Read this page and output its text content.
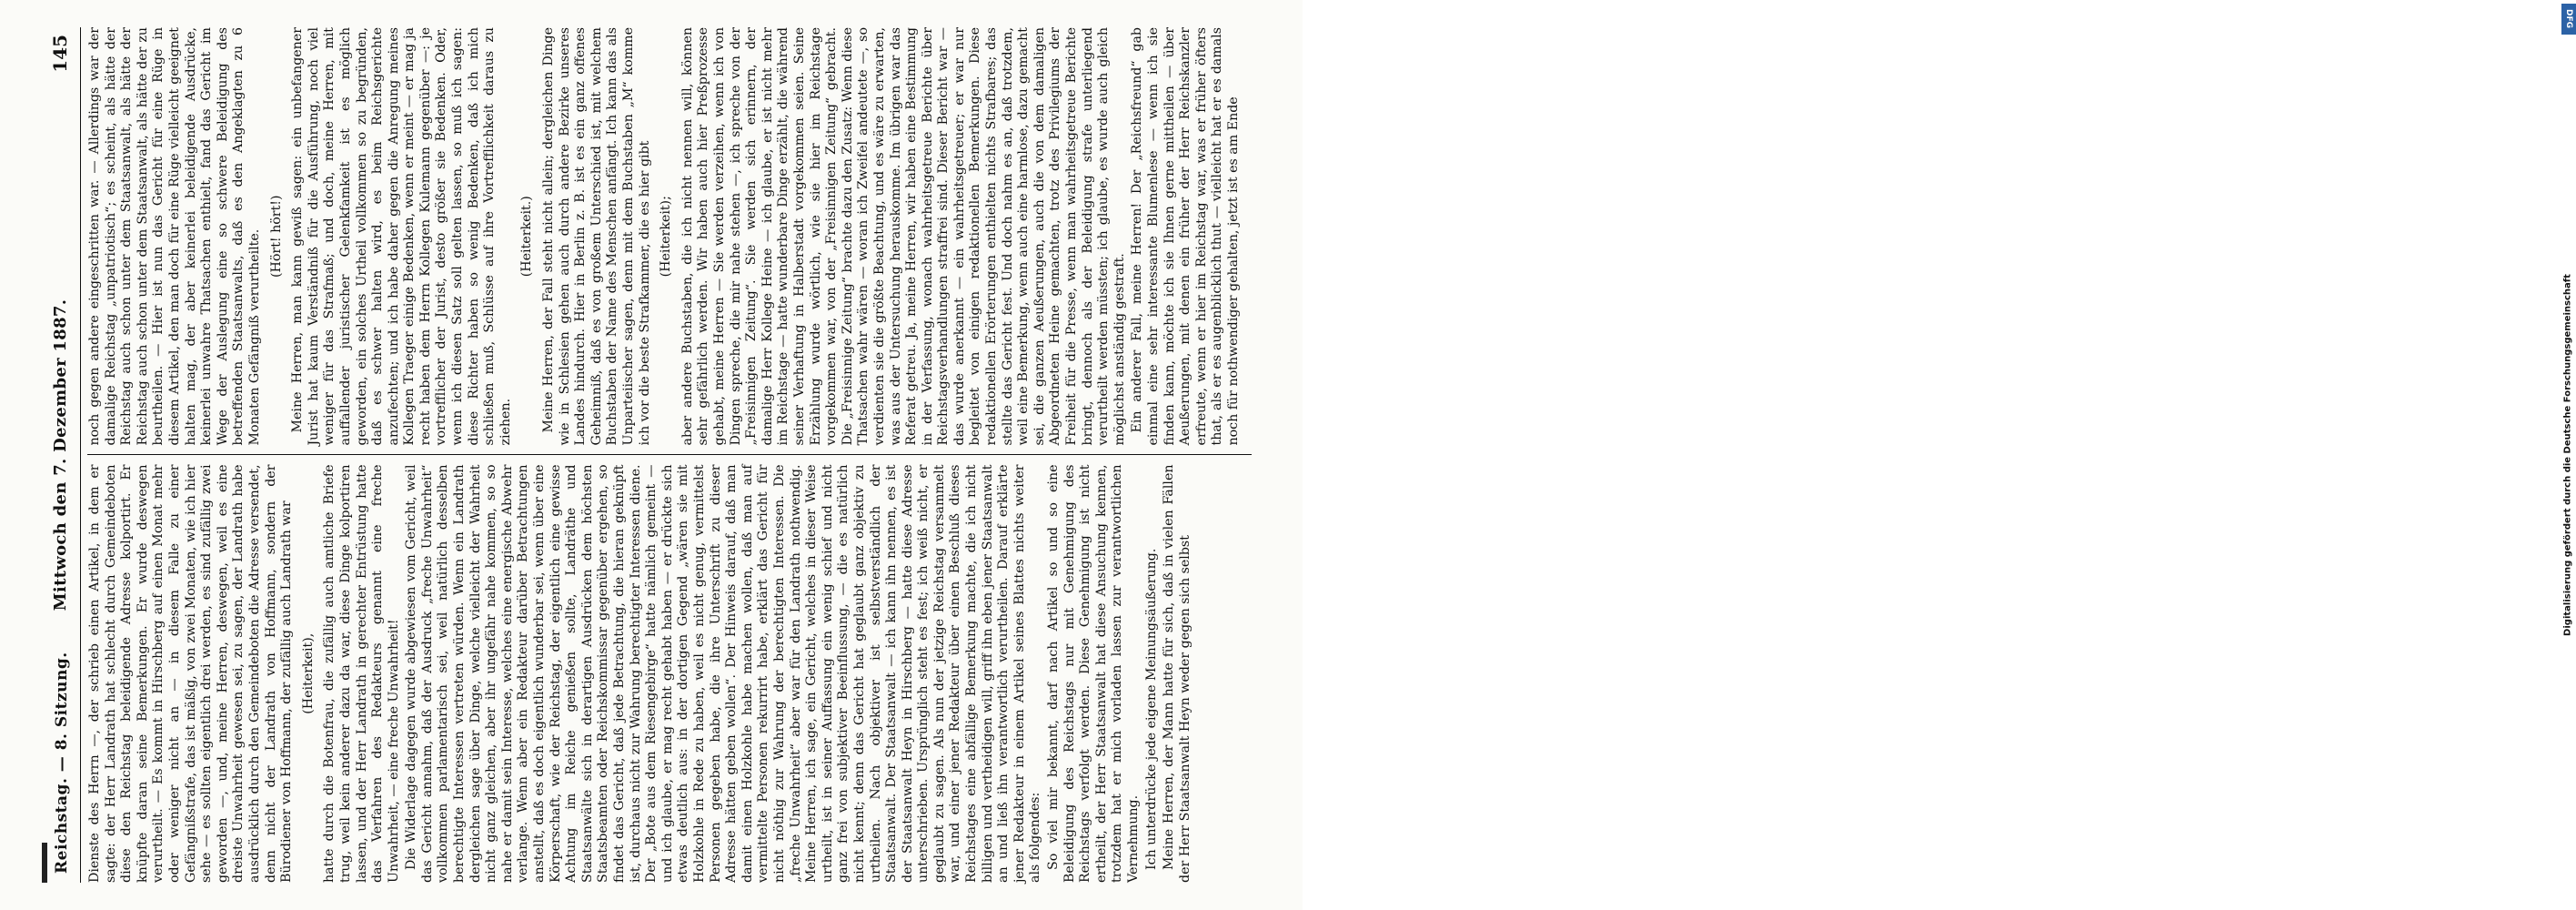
Reichstag. — 8. Sitzung.
Mittwoch den 7. Dezember 1887.
145

Dienste des Herrn —, der schrieb einen Artikel, in dem er sagte: der Herr Landrath hat schlecht durch Gemeindeboten diese den Reichstag beleidigende Adresse kolportirt. Er knüpfte daran seine Bemerkungen. Er wurde deswegen verurtheilt. — Es kommt in Hirschberg auf einen Monat mehr oder weniger nicht an — in diesem Falle zu einer Gefängnißstrafe, das ist mäßig, von zwei Monaten, wie ich hier sehe — es sollten eigentlich drei werden, es sind zufällig zwei geworden —, und, meine Herren, deswegen, weil es eine dreiste Unwahrheit gewesen sei, zu sagen, der Landrath habe ausdrücklich durch den Gemeindeboten die Adresse versendet, denn nicht der Landrath von Hoffmann, sondern der Bürodiener von Hoffmann, der zufällig auch Landrath war (Heiterkeit), hatte durch die Botenfrau, die zufällig auch amtliche Briefe trug, weil kein anderer dazu da war, diese Dinge kolportiren lassen, und der Herr Landrath in gerechter Entrüstung hatte das Verfahren des Redakteurs genannt eine freche Unwahrheit, — eine freche Unwahrheit! Die Widerlage dagegen wurde abgewiesen vom Gericht, weil das Gericht annahm, daß der Ausdruck „freche Unwahrheit“ vollkommen parlamentarisch sei, weil natürlich desselben berechtigte Interessen vertreten würden. Wenn ein Landrath dergleichen sage über Dinge, welche vielleicht der Wahrheit nicht ganz gleichen, aber ihr ungefähr nahe kommen, so so nahe er damit sein Interesse, welches eine energische Abwehr verlange. Wenn aber ein Redakteur darüber Betrachtungen anstellt, daß es doch eigentlich wunderbar sei, wenn über eine Körperschaft, wie der Reichstag, der eigentlich eine gewisse Achtung im Reiche genießen sollte, Landräthe und Staatsanwälte sich in derartigen Ausdrücken dem höchsten Staatsbeamten oder Reichskommissar gegenüber ergehen, so findet das Gericht, daß jede Betrachtung, die hieran geknüpft ist, durchaus nicht zur Wahrung berechtigter Interessen diene. Der „Bote aus dem Riesengebirge“ hatte nämlich gemeint — und ich glaube, er mag recht gehabt haben — er drückte sich etwas deutlich aus: in der dortigen Gegend „wären sie mit Holzkohle in Rede zu haben, weil es nicht genug, vermittelst Personen gegeben habe, die ihre Unterschrift zu dieser Adresse hätten geben wollen“. Der Hinweis darauf, daß man damit einen Holzkohle habe machen wollen, daß man auf vermittelte Personen rekurrirt habe, erklärt das Gericht für nicht nöthig zur Wahrung der berechtigten Interessen. Die „freche Unwahrheit“ aber war für den Landrath nothwendig. Meine Herren, ich sage, ein Gericht, welches in dieser Weise urtheilt, ist in seiner Auffassung ein wenig schief und nicht ganz frei von subjektiver Beeinflussung, — die es natürlich nicht kennt; denn das Gericht hat geglaubt ganz objektiv zu urtheilen. Nach objektiver ist selbstverständlich der Staatsanwalt. Der Staatsanwalt — ich kann ihn nennen, es ist der Staatsanwalt Heyn in Hirschberg — hatte diese Adresse unterschrieben. Ursprünglich steht es fest; ich weiß nicht, er geglaubt zu sagen. Als nun der jetzige Reichstag versammelt war, und einer jener Redakteur über einen Beschluß dieses Reichstages eine abfällige Bemerkung machte, die ich nicht billigen und vertheidigen will, griff ihn eben jener Staatsanwalt an und ließ ihn verantwortlich verurtheilen. Darauf erklärte jener Redakteur in einem Artikel seines Blattes nichts weiter als folgendes: So viel mir bekannt, darf nach Artikel so und so eine Beleidigung des Reichstags nur mit Genehmigung des Reichstags verfolgt werden. Diese Genehmigung ist nicht ertheilt, der Herr Staatsanwalt hat diese Ansuchung kennen, trotzdem hat er mich vorladen lassen zur verantwortlichen Vernehmung. Ich unterdrücke jede eigene Meinungsäußerung. Meine Herren, der Mann hatte für sich, daß in vielen Fällen der Herr Staatsanwalt Heyn weder gegen sich selbst

noch gegen andere eingeschritten war. — Allerdings war der damalige Reichstag „unpatriotisch“; es scheint, als hätte der Reichstag auch schon unter dem Staatsanwalt, als hätte der Reichstag auch schon unter dem Staatsanwalt, als hätte der zu beurtheilen. — Hier ist nun das Gericht für eine Rüge in diesem Artikel, den man doch für eine Rüge vielleicht geeignet halten mag, der aber keinerlei beleidigende Ausdrücke, keinerlei unwahre Thatsachen enthielt, fand das Gericht im Wege der Auslegung eine so schwere Beleidigung des betreffenden Staatsanwalts, daß es den Angeklagten zu 6 Monaten Gefängniß verurtheilte. (Hört! hört!) Meine Herren, man kann gewiß sagen: ein unbefangener Jurist hat kaum Verständniß für die Ausführung, noch viel weniger für das Strafmaß; und doch, meine Herren, mit auffallender juristischer Gelenkfamkeit ist es möglich geworden, ein solches Urtheil vollkommen so zu begründen, daß es schwer halten wird, es beim Reichsgerichte anzufechten; und ich habe daher gegen die Anregung meines Kollegen Traeger einige Bedenken, wenn er meint — er mag ja recht haben dem Herrn Kollegen Kulemann gegenüber —: je vortrefflicher der Jurist, desto größer sie Bedenken. Oder, wenn ich diesen Satz soll gelten lassen, so muß ich sagen: diese Richter haben so wenig Bedenken, daß ich mich schließen muß, Schlüsse auf ihre Vortrefflichkeit daraus zu ziehen.

(Heiterkeit.) Meine Herren, der Fall steht nicht allein; dergleichen Dinge wie in Schlesien gehen auch durch andere Bezirke unseres Landes hindurch. Hier in Berlin z. B. ist es ein ganz offenes Geheimniß, daß es von großem Unterschied ist, mit welchem Buchstaben der Name des Menschen anfängt. Ich kann das als Unparteiischer sagen, denn mit dem Buchstaben „M“ komme ich vor die beste Strafkammer, die es hier gibt (Heiterkeit); aber andere Buchstaben, die ich nicht nennen will, können sehr gefährlich werden. Wir haben auch hier Preßprozesse gehabt, meine Herren — Sie werden verzeihen, wenn ich von Dingen spreche, die mir nahe stehen —, ich spreche von der „Freisinnigen Zeitung“. Sie werden sich erinnern, der damalige Herr Kollege Heine — ich glaube, er ist nicht mehr im Reichstage — hatte wunderbare Dinge erzählt, die während seiner Verhaftung in Halberstadt vorgekommen seien. Seine Erzählung wurde wörtlich, wie sie hier im Reichstage vorgekommen war, von der „Freisinnigen Zeitung“ gebracht. Die „Freisinnige Zeitung“ brachte dazu den Zusatz: Wenn diese Thatsachen wahr wären — woran ich Zweifel andeutete —, so verdienten sie die größte Beachtung, und es wäre zu erwarten, was aus der Untersuchung herauskomme. Im übrigen war das Referat getreu. Ja, meine Herren, wir haben eine Bestimmung in der Verfassung, wonach wahrheitsgetreue Berichte über Reichstagsverhandlungen straffrei sind. Dieser Bericht war — das wurde anerkannt — ein wahrheitsgetreuer; er war nur begleitet von einigen redaktionellen Bemerkungen. Diese redaktionellen Erörterungen enthielten nichts Strafbares; das stellte das Gericht fest. Und doch nahm es an, daß trotzdem, weil eine Bemerkung, wenn auch eine harmlose, dazu gemacht sei, die ganzen Aeußerungen, auch die von dem damaligen Abgeordneten Heine gemachten, trotz des Privilegiums der Freiheit für die Presse, wenn man wahrheitsgetreue Berichte bringt, dennoch als der Beleidigung strafe unterliegend verurtheilt werden müssten; ich glaube, es wurde auch gleich möglichst anständig gestraft. Ein anderer Fall, meine Herren! Der „Reichsfreund“ gab einmal eine sehr interessante Blumenlese — wenn ich sie finden kann, möchte ich sie Ihnen gerne mittheilen — über Aeußerungen, mit denen ein früher der Herr Reichskanzler erfreute, wenn er hier im Reichstag war, was er früher öfters that, als er es augenblicklich thut — vielleicht hat er es damals noch für nothwendiger gehalten, jetzt ist es am Ende

DFG
Digitalisierung gefördert durch die Deutsche Forschungsgemeinschaft
